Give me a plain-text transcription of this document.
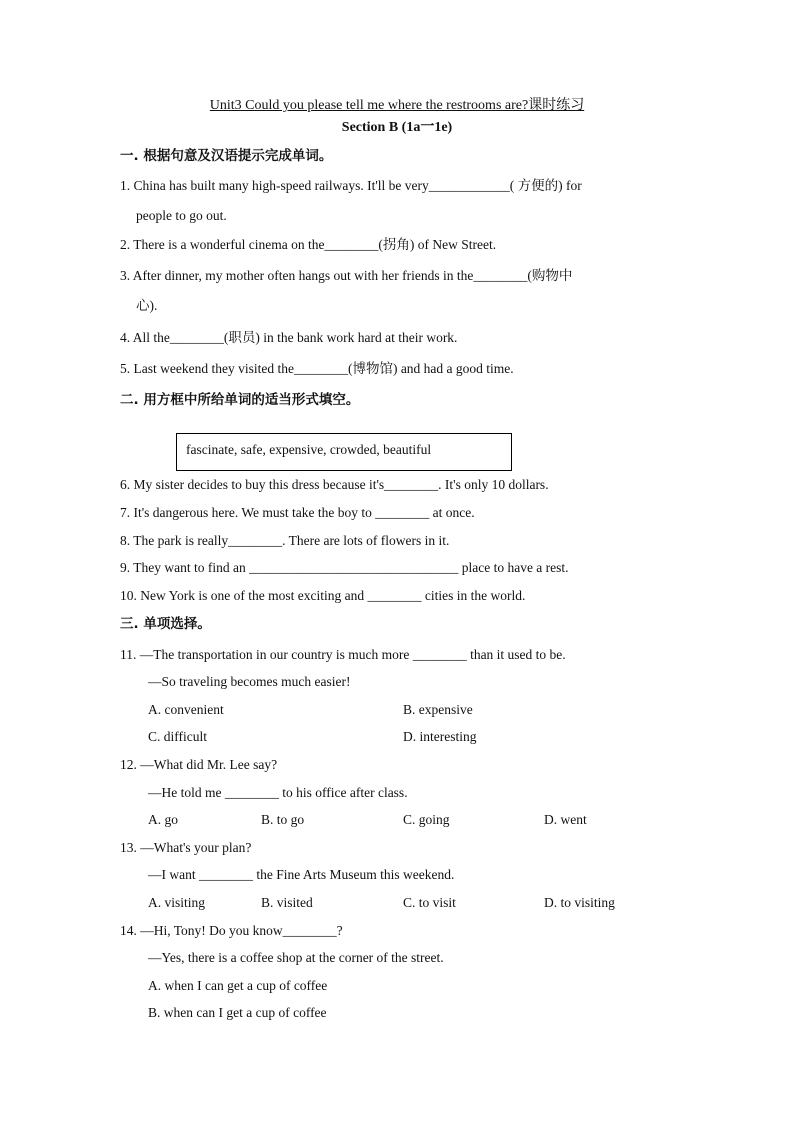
Unit3 Could you please tell me where the restrooms are?课时练习
Section B (1a一1e)
一. 根据句意及汉语提示完成单词。
1. China has built many high-speed railways. It'll be very____________( 方便的) for
people to go out.
2. There is a wonderful cinema on the________(拐角) of New Street.
3. After dinner, my mother often hangs out with her friends in the________(购物中
心).
4. All the________(职员) in the bank work hard at their work.
5. Last weekend they visited the________(博物馆) and had a good time.
二. 用方框中所给单词的适当形式填空。
fascinate, safe, expensive, crowded, beautiful
6. My sister decides to buy this dress because it's________. It's only 10 dollars.
7. It's dangerous here. We must take the boy to ________ at once.
8. The park is really________. There are lots of flowers in it.
9. They want to find an _______________________________ place to have a rest.
10. New York is one of the most exciting and ________ cities in the world.
三. 单项选择。
11. —The transportation in our country is much more ________ than it used to be.
—So traveling becomes much easier!
A. convenient	B. expensive
C. difficult	D. interesting
12. —What did Mr. Lee say?
—He told me ________ to his office after class.
A. go	B. to go	C. going	D. went
13. —What's your plan?
—I want ________ the Fine Arts Museum this weekend.
A. visiting	B. visited	C. to visit	D. to visiting
14. —Hi, Tony! Do you know________?
—Yes, there is a coffee shop at the corner of the street.
A. when I can get a cup of coffee
B. when can I get a cup of coffee
